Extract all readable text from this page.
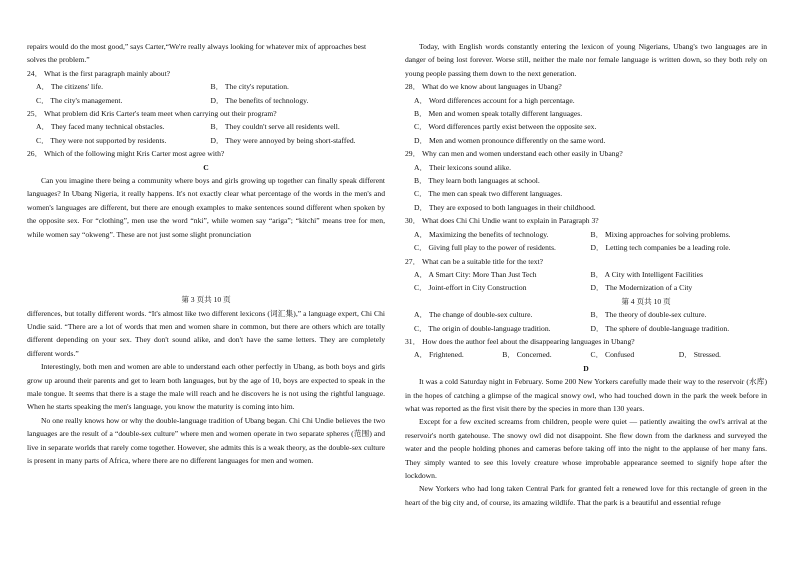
repairs would do the most good,” says Carter,“We're really always looking for whatever mix of approaches best

solves the problem.”

24． What is the first paragraph mainly about?

A． The citizens' life.	B． The city's reputation.
C． The city's management.	D． The benefits of technology.

25． What problem did Kris Carter's team meet when carrying out their program?

A． They faced many technical obstacles.	B． They couldn't serve all residents well.
C． They were not supported by residents.	D． They were annoyed by being short-staffed.

26． Which of the following might Kris Carter most agree with?

C

Can you imagine there being a community where boys and girls growing up together can finally speak different languages? In Ubang Nigeria, it really happens. It's not exactly clear what percentage of the words in the men's and women's languages are different, but there are enough examples to make sentences sound different when spoken by the opposite sex. For “clothing”, men use the word “nki”, while women say “ariga”; “kitchi” means tree for men, while women say “okweng”. These are not just some slight pronunciation

第 3 页共 10 页

differences, but totally different words. “It's almost like two different lexicons (词汇集),” a language expert, Chi Chi Undie said. “There are a lot of words that men and women share in common, but there are others which are totally different depending on your sex. They don't sound alike, and don't have the same letters. They are completely different words.”

Interestingly, both men and women are able to understand each other perfectly in Ubang, as both boys and girls grow up around their parents and get to learn both languages, but by the age of 10, boys are expected to speak in the male tongue. It seems that there is a stage the male will reach and he discovers he is not using the rightful language. When he starts speaking the men's language, you know the maturity is coming into him.

No one really knows how or why the double-language tradition of Ubang began. Chi Chi Undie believes the two languages are the result of a “double-sex culture” where men and women operate in two separate spheres (范围) and live in separate worlds that rarely come together. However, she admits this is a weak theory, as the double-sex culture is present in many parts of Africa, where there are no different languages for men and women.

Today, with English words constantly entering the lexicon of young Nigerians, Ubang's two languages are in danger of being lost forever. Worse still, neither the male nor female language is written down, so they both rely on young people passing them down to the next generation.

28． What do we know about languages in Ubang?

A． Word differences account for a high percentage.
B． Men and women speak totally different languages.
C． Word differences partly exist between the opposite sex.
D． Men and women pronounce differently on the same word.

29． Why can men and women understand each other easily in Ubang?

A． Their lexicons sound alike.
B． They learn both languages at school.
C． The men can speak two different languages.
D． They are exposed to both languages in their childhood.

30． What does Chi Chi Undie want to explain in Paragraph 3?

A． Maximizing the benefits of technology.	B． Mixing approaches for solving problems.
C． Giving full play to the power of residents.	D． Letting tech companies be a leading role.

27． What can be a suitable title for the text?

A． A Smart City: More Than Just Tech	B． A City with Intelligent Facilities
C． Joint-effort in City Construction	D． The Modernization of a City

第 4 页共 10 页

A． The change of double-sex culture.	B． The theory of double-sex culture.
C． The origin of double-language tradition.	D． The sphere of double-language tradition.

31． How does the author feel about the disappearing languages in Ubang?

A． Frightened.	B． Concerned.	C． Confused	D． Stressed.

D

It was a cold Saturday night in February. Some 200 New Yorkers carefully made their way to the reservoir (水库) in the hopes of catching a glimpse of the magical snowy owl, who had touched down in the park the week before in what was reported as the first visit there by the species in more than 130 years.

Except for a few excited screams from children, people were quiet — patiently awaiting the owl's arrival at the reservoir's north gatehouse. The snowy owl did not disappoint. She flew down from the darkness and surveyed the water and the people holding phones and cameras before taking off into the night to the applause of her many fans. They simply wanted to see this lovely creature whose improbable appearance seemed to signify hope after the lockdown.

New Yorkers who had long taken Central Park for granted felt a renewed love for this rectangle of green in the heart of the big city and, of course, its amazing wildlife. That the park is a beautiful and essential refuge
